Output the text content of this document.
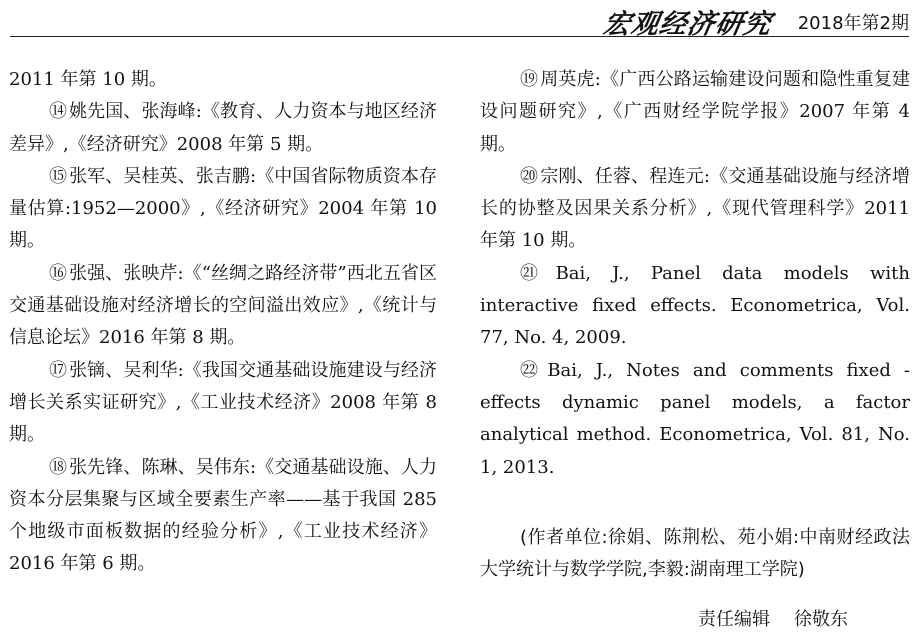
宏观经济研究 2018年第2期

2011 年第 10 期。

⑭ 姚先国、张海峰:《教育、人力资本与地区经济差异》,《经济研究》2008 年第 5 期。

⑮ 张军、吴桂英、张吉鹏:《中国省际物质资本存量估算:1952—2000》,《经济研究》2004 年第 10 期。

⑯ 张强、张映芹:《“丝绸之路经济带”西北五省区交通基础设施对经济增长的空间溢出效应》,《统计与信息论坛》2016 年第 8 期。

⑰ 张镝、吴利华:《我国交通基础设施建设与经济增长关系实证研究》,《工业技术经济》2008 年第 8 期。

⑱ 张先锋、陈琳、吴伟东:《交通基础设施、人力资本分层集聚与区域全要素生产率——基于我国 285 个地级市面板数据的经验分析》,《工业技术经济》2016 年第 6 期。

⑲ 周英虎:《广西公路运输建设问题和隐性重复建设问题研究》,《广西财经学院学报》2007 年第 4 期。

⑳ 宗刚、任蓉、程连元:《交通基础设施与经济增长的协整及因果关系分析》,《现代管理科学》2011 年第 10 期。

㉑ Bai, J., Panel data models with interactive fixed effects. Econometrica, Vol. 77, No. 4, 2009.

㉒ Bai, J., Notes and comments fixed - effects dynamic panel models, a factor analytical method. Econometrica, Vol. 81, No. 1, 2013.

(作者单位:徐娟、陈荆松、苑小娟:中南财经政法大学统计与数学学院,李毅:湖南理工学院)

责任编辑 徐敬东
